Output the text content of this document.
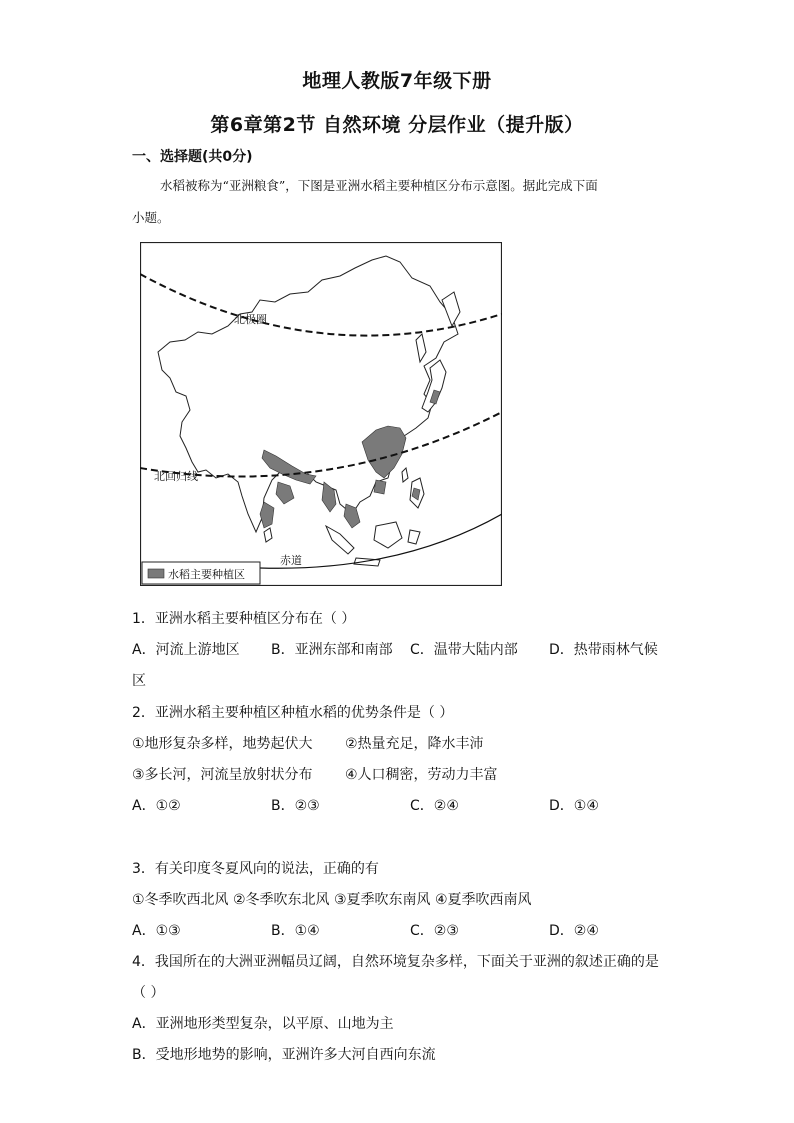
地理人教版7年级下册
第6章第2节 自然环境 分层作业（提升版）
一、选择题(共0分)
水稻被称为“亚洲粮食”，下图是亚洲水稻主要种植区分布示意图。据此完成下面
小题。
北极圈
北回归线
赤道
水稻主要种植区
1．亚洲水稻主要种植区分布在（ ）
A．河流上游地区 B．亚洲东部和南部 C．温带大陆内部 D．热带雨林气候
区
2．亚洲水稻主要种植区种植水稻的优势条件是（ ）
①地形复杂多样，地势起伏大 ②热量充足，降水丰沛
③多长河，河流呈放射状分布 ④人口稠密，劳动力丰富
A．①②	B．②③	C．②④	D．①④
3．有关印度冬夏风向的说法，正确的有
①冬季吹西北风 ②冬季吹东北风 ③夏季吹东南风 ④夏季吹西南风
A．①③	B．①④	C．②③	D．②④
4．我国所在的大洲亚洲幅员辽阔，自然环境复杂多样，下面关于亚洲的叙述正确的是
（ ）
A．亚洲地形类型复杂，以平原、山地为主
B．受地形地势的影响，亚洲许多大河自西向东流
